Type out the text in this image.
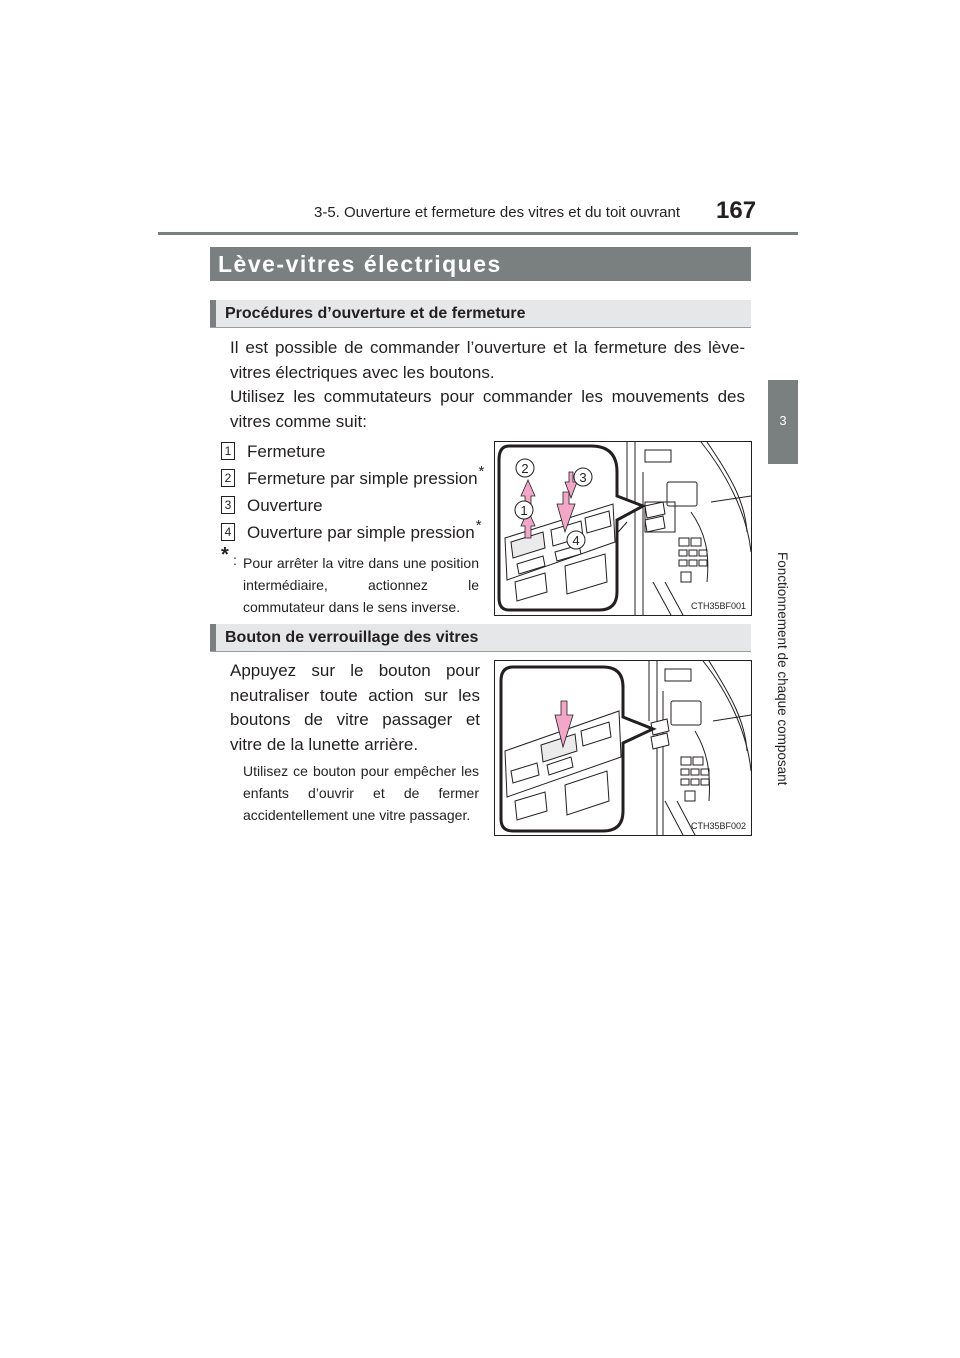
3-5. Ouverture et fermeture des vitres et du toit ouvrant 167
3
Fonctionnement de chaque composant
Lève-vitres électriques
Procédures d’ouverture et de fermeture
Il est possible de commander l’ouverture et la fermeture des lève-vitres électriques avec les boutons.
Utilisez les commutateurs pour commander les mouvements des vitres comme suit:
1 Fermeture
2 Fermeture par simple pression*
3 Ouverture
4 Ouverture par simple pression*
* : Pour arrêter la vitre dans une position intermédiaire, actionnez le commutateur dans le sens inverse.
2
3
1
4
CTH35BF001
Bouton de verrouillage des vitres
Appuyez sur le bouton pour neutraliser toute action sur les boutons de vitre passager et vitre de la lunette arrière.
Utilisez ce bouton pour empêcher les enfants d’ouvrir et de fermer accidentellement une vitre passager.
CTH35BF002
